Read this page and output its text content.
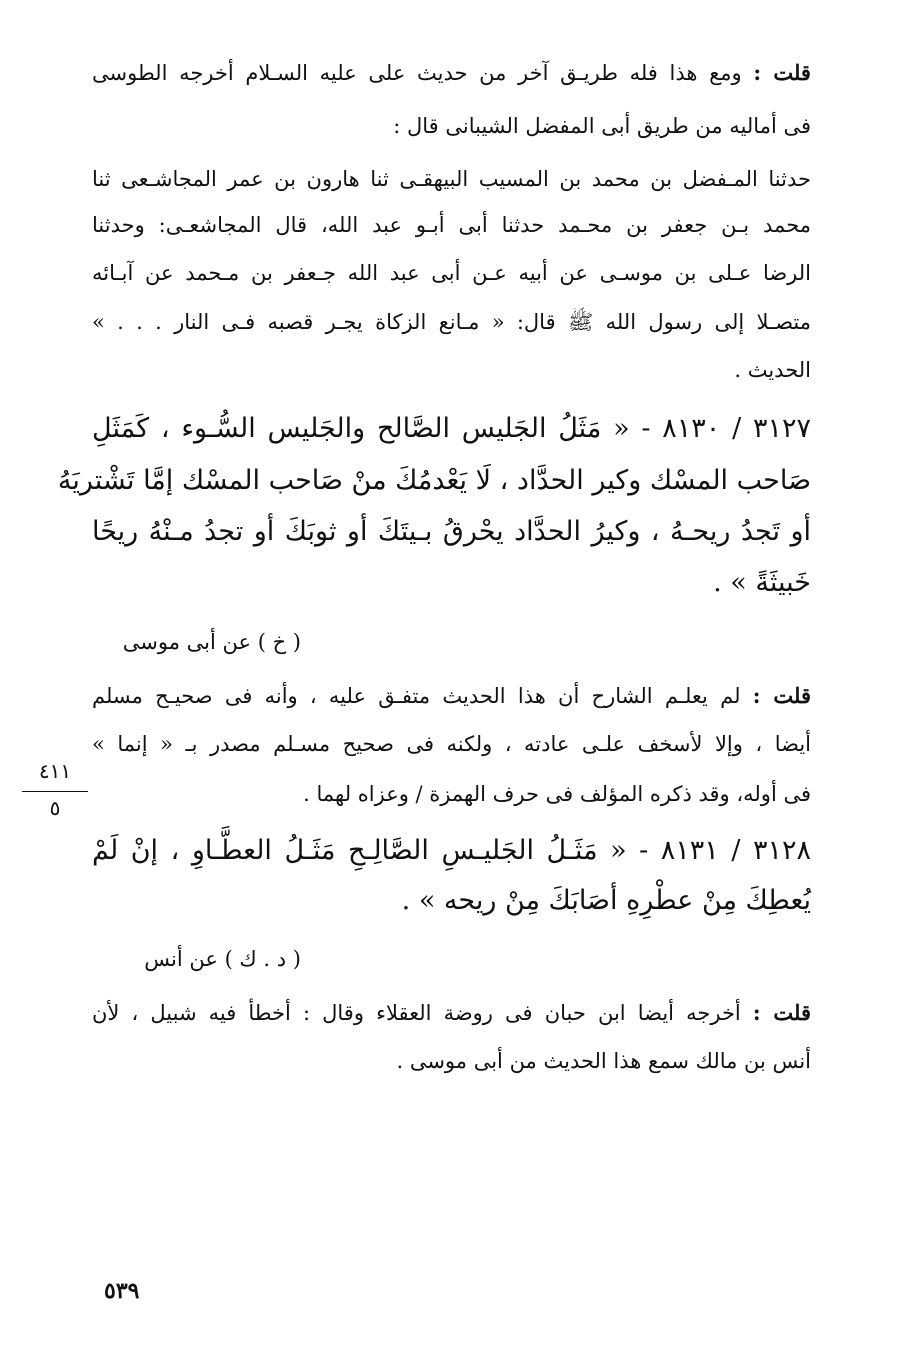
قلت : ومع هذا فله طريـق آخر من حديث على عليه السـلام أخرجه الطوسى
فى أماليه من طريق أبى المفضل الشيبانى قال :
حدثنا المـفضل بن محمد بن المسيب البيهقـى ثنا هارون بن عمر المجاشـعى ثنا
محمد بـن جعفر بن محـمد حدثنا أبى أبـو عبد الله، قال المجاشعـى: وحدثنا
الرضا عـلى بن موسـى عن أبيه عـن أبى عبد الله جـعفر بن مـحمد عن آبـائه
متصـلا إلى رسول الله ﷺ قال: « مـانع الزكاة يجـر قصبه فـى النار . . . »
الحديث .
٣١٢٧ / ٨١٣٠ - « مَثَلُ الجَليس الصَّالح والجَليس السُّـوء ، كَمَثَلِ
صَاحب المسْك وكير الحدَّاد ، لَا يَعْدمُكَ منْ صَاحب المسْك إمَّا تَشْتريَهُ
أو تَجدُ ريحـهُ ، وكيرُ الحدَّاد يحْرقُ بـيتَكَ أو ثوبَكَ أو تجدُ مـنْهُ ريحًا
خَبيثَةً » .
( خ ) عن أبى موسى
قلت : لم يعلـم الشارح أن هذا الحديث متفـق عليه ، وأنه فى صحيـح مسلم
أيضا ، وإلا لأسخف علـى عادته ، ولكنه فى صحيح مسـلم مصدر بـ « إنما »
فى أوله، وقد ذكره المؤلف فى حرف الهمزة / وعزاه لهما .
٤١١
٥
٣١٢٨ / ٨١٣١ - « مَثَـلُ الجَليـسِ الصَّالِـحِ مَثَـلُ العطَّـاوِ ، إنْ لَمْ
يُعطِكَ مِنْ عطْرِهِ أصَابَكَ مِنْ ريحه » .
( د . ك ) عن أنس
قلت : أخرجه أيضا ابن حبان فى روضة العقلاء وقال : أخطأ فيه شبيل ، لأن
أنس بن مالك سمع هذا الحديث من أبى موسى .
٥٣٩
